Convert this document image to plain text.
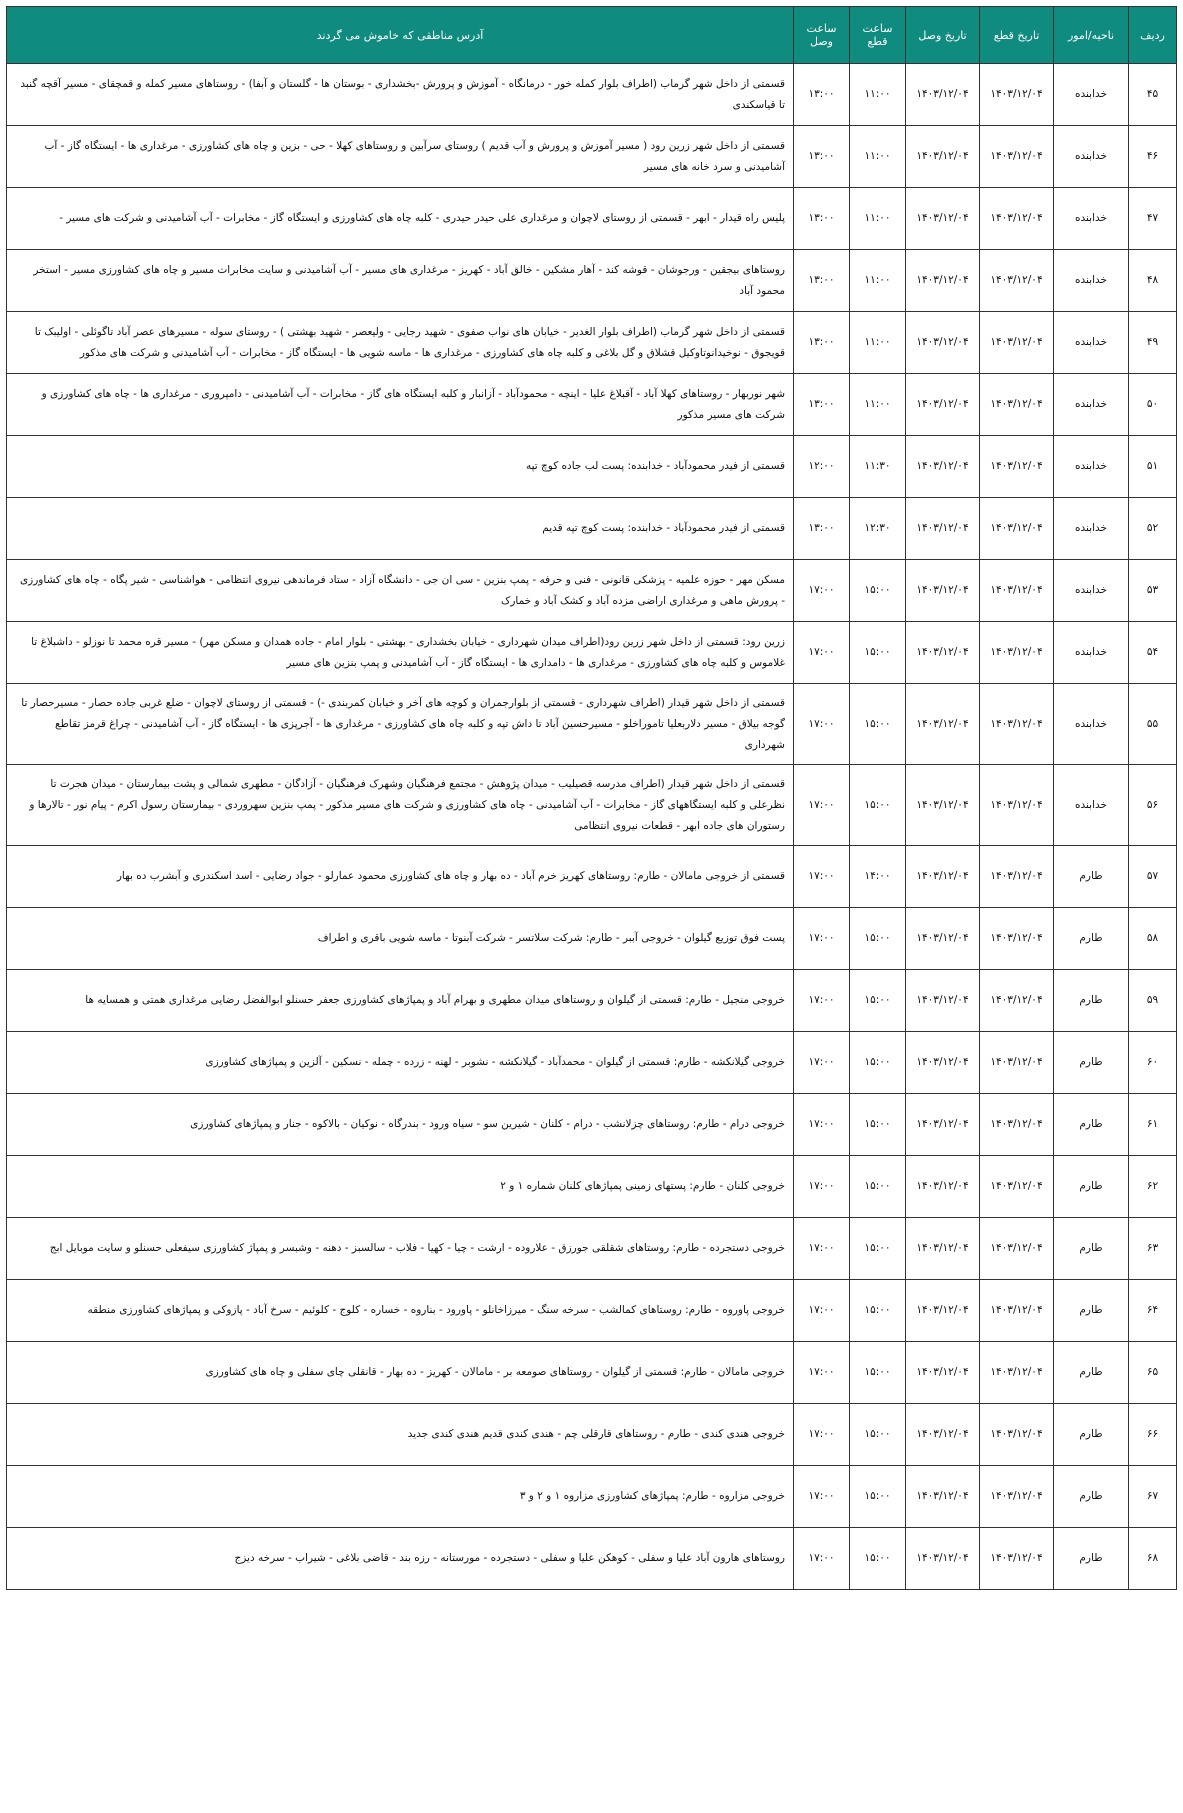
ردیف	ناحیه/امور	تاریخ قطع	تاریخ وصل	ساعت قطع	ساعت وصل	آدرس مناطقی که خاموش می گردند
۴۵	خدابنده	۱۴۰۳/۱۲/۰۴	۱۴۰۳/۱۲/۰۴	۱۱:۰۰	۱۳:۰۰	قسمتی از داخل شهر گرماب (اطراف بلوار کمله خور - درمانگاه - آموزش و پرورش -بخشداری - بوستان ها - گلستان و آبفا) - روستاهای مسیر کمله و قمچقای - مسیر آقچه گنبد تا قیاسکندی
۴۶	خدابنده	۱۴۰۳/۱۲/۰۴	۱۴۰۳/۱۲/۰۴	۱۱:۰۰	۱۳:۰۰	قسمتی از داخل شهر زرین رود ( مسیر آموزش و پرورش و آب قدیم ) روستای سرآبین و روستاهای کهلا - حی - بزین و چاه های کشاورزی - مرغداری ها - ایستگاه گاز - آب آشامیدنی و سرد خانه های مسیر
۴۷	خدابنده	۱۴۰۳/۱۲/۰۴	۱۴۰۳/۱۲/۰۴	۱۱:۰۰	۱۳:۰۰	پلیس راه قیدار - ابهر - قسمتی از روستای لاچوان و مرغداری علی حیدر حیدری - کلبه چاه های کشاورزی و ایستگاه گاز - مخابرات - آب آشامیدنی و شرکت های مسیر -
۴۸	خدابنده	۱۴۰۳/۱۲/۰۴	۱۴۰۳/۱۲/۰۴	۱۱:۰۰	۱۳:۰۰	روستاهای بیجقین - ورجوشان - قوشه کند - آهار مشکین - خالق آباد - کهریز - مرغداری های مسیر - آب آشامیدنی و سایت مخابرات مسیر و چاه های کشاورزی مسیر - استخر محمود آباد
۴۹	خدابنده	۱۴۰۳/۱۲/۰۴	۱۴۰۳/۱۲/۰۴	۱۱:۰۰	۱۳:۰۰	قسمتی از داخل شهر گرماب (اطراف بلوار الغدیر - خیابان های نواب صفوی - شهید رجایی - ولیعصر - شهید بهشتی ) - روستای سوله - مسیرهای عصر آباد تاگوئلی - اولیبک تا قویجوق - نوخیدانوتاوکیل قشلاق و گل بلاغی و کلبه چاه های کشاورزی - مرغداری ها - ماسه شویی ها - ایستگاه گاز - مخابرات - آب آشامیدنی و شرکت های مذکور
۵۰	خدابنده	۱۴۰۳/۱۲/۰۴	۱۴۰۳/۱۲/۰۴	۱۱:۰۰	۱۳:۰۰	شهر نوربهار - روستاهای کهلا آباد - آقبلاغ علیا - اینچه - محمودآباد - آزانبار و کلبه ایستگاه های گاز - مخابرات - آب آشامیدنی - دامپروری - مرغداری ها - چاه های کشاورزی و شرکت های مسیر مذکور
۵۱	خدابنده	۱۴۰۳/۱۲/۰۴	۱۴۰۳/۱۲/۰۴	۱۱:۳۰	۱۲:۰۰	قسمتی از فیدر محمودآباد - خدابنده: پست لب جاده کوچ تپه
۵۲	خدابنده	۱۴۰۳/۱۲/۰۴	۱۴۰۳/۱۲/۰۴	۱۲:۳۰	۱۳:۰۰	قسمتی از فیدر محمودآباد - خدابنده: پست کوچ تپه قدیم
۵۳	خدابنده	۱۴۰۳/۱۲/۰۴	۱۴۰۳/۱۲/۰۴	۱۵:۰۰	۱۷:۰۰	مسکن مهر - حوزه علمیه - پزشکی قانونی - فنی و حرفه - پمپ بنزین - سی ان جی - دانشگاه آزاد - ستاد فرماندهی نیروی انتظامی - هواشناسی - شیر پگاه - چاه های کشاورزی - پرورش ماهی و مرغداری اراضی مزده آباد و کشک آباد و خمارک
۵۴	خدابنده	۱۴۰۳/۱۲/۰۴	۱۴۰۳/۱۲/۰۴	۱۵:۰۰	۱۷:۰۰	زرین رود: قسمتی از داخل شهر زرین رود(اطراف میدان شهرداری - خیابان بخشداری - بهشتی - بلوار امام - جاده همدان و مسکن مهر) - مسیر قره محمد تا نوزلو - داشبلاغ تا غلاموس و کلبه چاه های کشاورزی - مرغداری ها - دامداری ها - ایستگاه گاز - آب آشامیدنی و پمپ بنزین های مسیر
۵۵	خدابنده	۱۴۰۳/۱۲/۰۴	۱۴۰۳/۱۲/۰۴	۱۵:۰۰	۱۷:۰۰	قسمتی از داخل شهر قیدار (اطراف شهرداری - قسمتی از بلوارجمران و کوچه های آخر و خیابان کمربندی -) - قسمتی از روستای لاچوان - ضلع غربی جاده حصار - مسیرحصار تا گوجه بیلاق - مسیر دلاربعلیا تاموراخلو - مسیرحسین آباد تا داش تپه و کلبه چاه های کشاورزی - مرغداری ها - آجرپزی ها - ایستگاه گاز - آب آشامیدنی - چراغ قرمز تقاطع شهرداری
۵۶	خدابنده	۱۴۰۳/۱۲/۰۴	۱۴۰۳/۱۲/۰۴	۱۵:۰۰	۱۷:۰۰	قسمتی از داخل شهر قیدار (اطراف مدرسه قصیلیب - میدان پژوهش - مجتمع فرهنگیان وشهرک فرهنگیان - آزادگان - مطهری شمالی و پشت بیمارستان - میدان هجرت تا نظرعلی و کلبه ایستگاههای گاز - مخابرات - آب آشامیدنی - چاه های کشاورزی و شرکت های مسیر مذکور - پمپ بنزین سهروردی - بیمارستان رسول اکرم - پیام نور - تالارها و رستوران های جاده ابهر - قطعات نیروی انتظامی
۵۷	طارم	۱۴۰۳/۱۲/۰۴	۱۴۰۳/۱۲/۰۴	۱۴:۰۰	۱۷:۰۰	قسمتی از خروجی مامالان - طارم: روستاهای کهریز خرم آباد - ده بهار و چاه های کشاورزی محمود عمارلو - جواد رضایی - اسد اسکندری و آبشرب ده بهار
۵۸	طارم	۱۴۰۳/۱۲/۰۴	۱۴۰۳/۱۲/۰۴	۱۵:۰۰	۱۷:۰۰	پست فوق توزیع گیلوان - خروجی آببر - طارم: شرکت سلاتسر - شرکت آبنوتا - ماسه شویی باقری و اطراف
۵۹	طارم	۱۴۰۳/۱۲/۰۴	۱۴۰۳/۱۲/۰۴	۱۵:۰۰	۱۷:۰۰	خروجی منجیل - طارم: قسمتی از گیلوان و روستاهای میدان مطهری و بهرام آباد و پمپاژهای کشاورزی جعفر حسنلو ابوالفضل رضایی مرغداری همتی و همسایه ها
۶۰	طارم	۱۴۰۳/۱۲/۰۴	۱۴۰۳/۱۲/۰۴	۱۵:۰۰	۱۷:۰۰	خروجی گیلانکشه - طارم: قسمتی از گیلوان - محمدآباد - گیلانکشه - نشوبر - لهنه - زرده - چمله - نسکین - آلزین و پمپاژهای کشاورزی
۶۱	طارم	۱۴۰۳/۱۲/۰۴	۱۴۰۳/۱۲/۰۴	۱۵:۰۰	۱۷:۰۰	خروجی درام - طارم: روستاهای چزلانشب - درام - کلنان - شیرین سو - سیاه ورود - بندرگاه - نوکیان - بالاکوه - جنار و پمپاژهای کشاورزی
۶۲	طارم	۱۴۰۳/۱۲/۰۴	۱۴۰۳/۱۲/۰۴	۱۵:۰۰	۱۷:۰۰	خروجی کلنان - طارم: پستهای زمینی پمپاژهای کلنان شماره ۱ و ۲
۶۳	طارم	۱۴۰۳/۱۲/۰۴	۱۴۰۳/۱۲/۰۴	۱۵:۰۰	۱۷:۰۰	خروجی دستجرده - طارم: روستاهای شقلقی جورزق - علاروده - ارشت - چیا - کهیا - فلاب - سالسبز - دهنه - وشبسر و پمپاژ کشاورزی سیفعلی حسنلو و سایت موبایل ابج
۶۴	طارم	۱۴۰۳/۱۲/۰۴	۱۴۰۳/۱۲/۰۴	۱۵:۰۰	۱۷:۰۰	خروجی پاوروه - طارم: روستاهای کمالشب - سرخه سنگ - میرزاخانلو - پاورود - بناروه - خساره - کلوج - کلوئیم - سرخ آباد - پازوکی و پمپاژهای کشاورزی منطقه
۶۵	طارم	۱۴۰۳/۱۲/۰۴	۱۴۰۳/۱۲/۰۴	۱۵:۰۰	۱۷:۰۰	خروجی مامالان - طارم: قسمتی از گیلوان - روستاهای صومعه بر - مامالان - کهریز - ده بهار - قانقلی چای سفلی و چاه های کشاورزی
۶۶	طارم	۱۴۰۳/۱۲/۰۴	۱۴۰۳/۱۲/۰۴	۱۵:۰۰	۱۷:۰۰	خروجی هندی کندی - طارم - روستاهای قارقلی چم - هندی کندی قدیم هندی کندی جدید
۶۷	طارم	۱۴۰۳/۱۲/۰۴	۱۴۰۳/۱۲/۰۴	۱۵:۰۰	۱۷:۰۰	خروجی مزاروه - طارم: پمپاژهای کشاورزی مزاروه ۱ و ۲ و ۳
۶۸	طارم	۱۴۰۳/۱۲/۰۴	۱۴۰۳/۱۲/۰۴	۱۵:۰۰	۱۷:۰۰	روستاهای هارون آباد علیا و سفلی - کوهکن علیا و سفلی - دستجرده - مورستانه - رزه بند - قاضی بلاغی - شیراب - سرخه دیزج
